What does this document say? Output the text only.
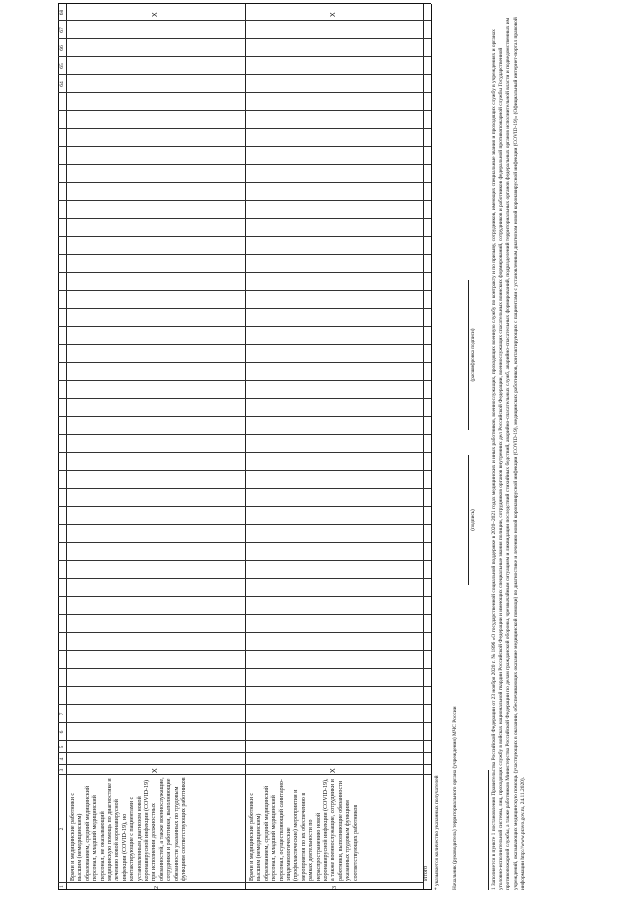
1
2
3
4
5
6
7
64
65
66
67
68
2
Врачи и медицинские работники с высшим (немедицинским) образованием, средний медицинский персонал, младший медицинский персонал, не оказывающий медицинскую помощь по диагностике и лечению новой коронавирусной инфекции (COVID-19), но контактирующие с пациентами с установленным диагнозом новой коронавирусной инфекции (COVID-19) при исполнении должностных обязанностей, а также военнослужащие, сотрудники и работники, выполняющие обязанности указанных по трудовым функциям соответствующих работников
X
X
3
Врачи и медицинские работники с высшим (немедицинским) образованием, средний медицинский персонал, младший медицинский персонал, осуществляющий санитарно-эпидемиологические (профилактические) мероприятия и мероприятия по их обеспечению в рамках деятельности по нераспространению новой коронавирусной инфекции (COVID-19), а также военнослужащие, сотрудники и работники, выполняющие обязанности указанных трудовым функциям соответствующих работников
X
X
Итого * указывается количество указанных получателей Начальник (руководитель) территориального органа (учреждения) МЧС России
(подпись)
(расшифровка подписи)	1 Заполняется в пункте 1 постановления Правительства Российской Федерации от 23 ноября 2020 г. № 1896 «О государственной социальной поддержке в 2020–2021 годах медицинских и иных работников, военнослужащих, проходящих военную службу по контракту и по призыву, сотрудников, имеющих специальные звания и проходящих службу в учреждениях и органах уголовно-исполнительной системы, лиц, проходящих службу в войсках национальной гвардии Российской Федерации и имеющих специальные звания полиции, сотрудников органов внутренних дел Российской Федерации, военнослужащих спасательных воинских формирований, сотрудников и работников федеральной противопожарной службы Государственной противопожарной службы, а также работников Министерства Российской Федерации по делам гражданской обороны, чрезвычайным ситуациям и ликвидации последствий стихийных бедствий, аварийно-спасательных служб, аварийно-спасательных формирований, подразделений территориальных органов федеральных органов исполнительной власти и подведомственных им учреждений, оказывающих медицинскую помощь (участвующих в оказании, обеспечивающих оказание медицинской помощи) по диагностике и лечению новой коронавирусной инфекции (COVID-19), медицинских работников, контактирующих с пациентами с установленным диагнозом новой коронавирусной инфекции (COVID-19)» (Официальный интернет-портал правовой информации http://www.pravo.gov.ru, 24.11.2020).
